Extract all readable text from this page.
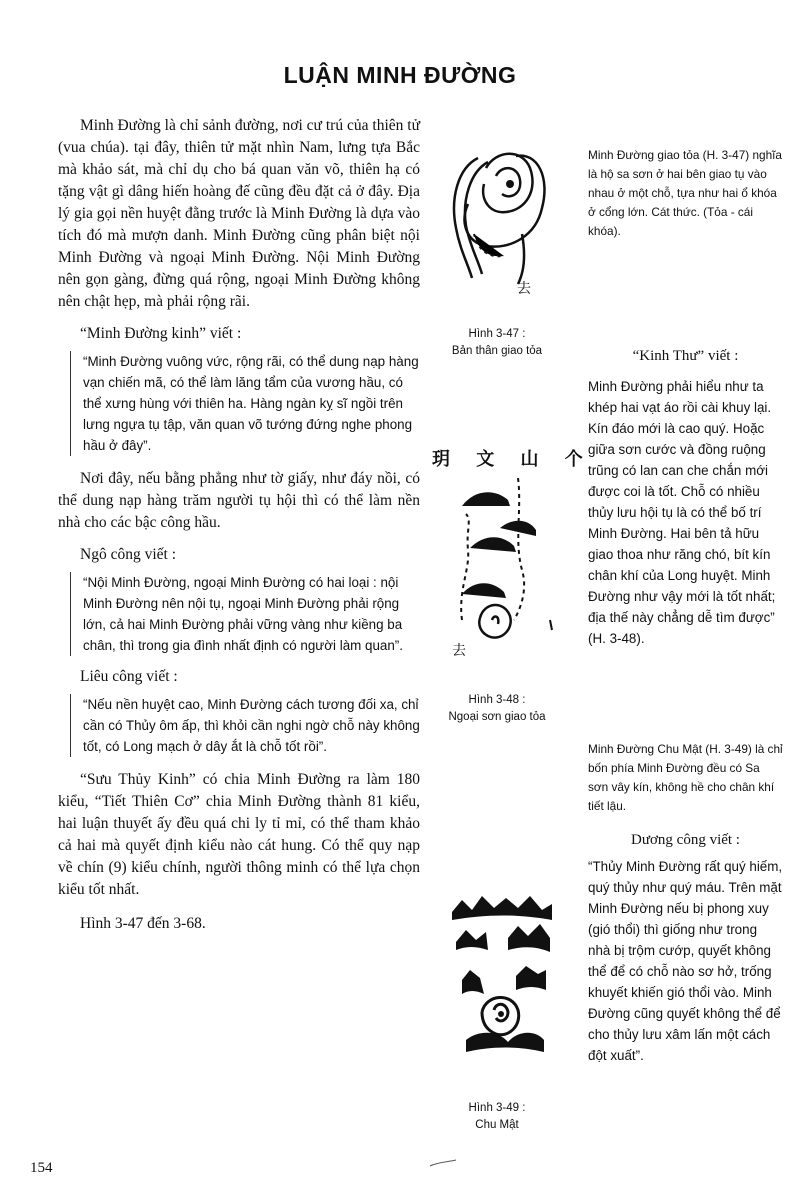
LUẬN MINH ĐƯỜNG

Minh Đường là chỉ sảnh đường, nơi cư trú của thiên tử (vua chúa). tại đây, thiên tử mặt nhìn Nam, lưng tựa Bắc mà khảo sát, mà chỉ dụ cho bá quan văn võ, thiên hạ có tặng vật gì dâng hiến hoàng đế cũng đều đặt cả ở đây. Địa lý gia gọi nền huyệt đằng trước là Minh Đường là dựa vào tích đó mà mượn danh. Minh Đường cũng phân biệt nội Minh Đường và ngoại Minh Đường. Nội Minh Đường nên gọn gàng, đừng quá rộng, ngoại Minh Đường không nên chật hẹp, mà phải rộng rãi.

“Minh Đường kinh” viết :
“Minh Đường vuông vức, rộng rãi, có thể dung nạp hàng vạn chiến mã, có thể làm lăng tẩm của vương hầu, có thể xưng hùng với thiên ha. Hàng ngàn kỵ sĩ ngồi trên lưng ngựa tụ tập, văn quan võ tướng đứng nghe phong hầu ở đây”.

Nơi đây, nếu bằng phẳng như tờ giấy, như đáy nồi, có thể dung nạp hàng trăm người tụ hội thì có thể làm nền nhà cho các bậc công hầu.

Ngô công viết :
“Nội Minh Đường, ngoại Minh Đường có hai loại : nội Minh Đường nên nội tụ, ngoại Minh Đường phải rộng lớn, cả hai Minh Đường phải vững vàng như kiềng ba chân, thì trong gia đình nhất định có người làm quan”.
Liêu công viết :
“Nếu nền huyệt cao, Minh Đường cách tương đối xa, chỉ cần có Thủy ôm ấp, thì khỏi cần nghi ngờ chỗ này không tốt, có Long mạch ở dây ắt là chỗ tốt rồi”.

“Sưu Thủy Kinh” có chia Minh Đường ra làm 180 kiểu, “Tiết Thiên Cơ” chia Minh Đường thành 81 kiểu, hai luận thuyết ấy đều quá chi ly tỉ mỉ, có thể tham khảo cả hai mà quyết định kiểu nào cát hung. Có thể quy nạp về chín (9) kiểu chính, người thông minh có thể lựa chọn kiểu tốt nhất.

Hình 3-47 đến 3-68.

去
Hình 3-47 :
Bản thân giao tỏa
玥 文 山 个
去
Hình 3-48 :
Ngoại sơn giao tỏa
Hình 3-49 :
Chu Mật

Minh Đường giao tỏa (H. 3-47) nghĩa là hộ sa sơn ở hai bên giao tụ vào nhau ở một chỗ, tựa như hai ổ khóa ở cổng lớn. Cát thức. (Tỏa - cái khóa).

“Kinh Thư” viết :

Minh Đường phải hiểu như ta khép hai vạt áo rồi cài khuy lại. Kín đáo mới là cao quý. Hoặc giữa sơn cước và đồng ruộng trũng có lan can che chắn mới được coi là tốt. Chỗ có nhiều thủy lưu hội tụ là có thể bố trí Minh Đường. Hai bên tả hữu giao thoa như răng chó, bít kín chân khí của Long huyệt. Minh Đường như vậy mới là tốt nhất; địa thế này chẳng dễ tìm được” (H. 3-48).

Minh Đường Chu Mật (H. 3-49) là chỉ bốn phía Minh Đường đều có Sa sơn vây kín, không hề cho chân khí tiết lậu.

Dương công viết :

“Thủy Minh Đường rất quý hiếm, quý thủy như quý máu. Trên mặt Minh Đường nếu bị phong xuy (gió thổi) thì giống như trong nhà bị trộm cướp, quyết không thể để có chỗ nào sơ hở, trống khuyết khiến gió thổi vào. Minh Đường cũng quyết không thể để cho thủy lưu xâm lấn một cách đột xuất”.

154
